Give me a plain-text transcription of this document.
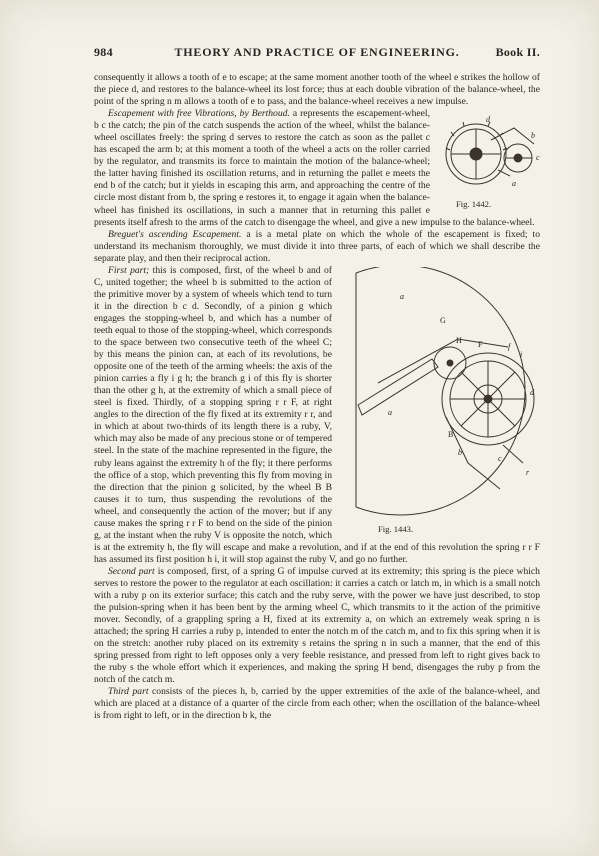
984	THEORY AND PRACTICE OF ENGINEERING.	Book II.

consequently it allows a tooth of e to escape; at the same moment another tooth of the wheel e strikes the hollow of the piece d, and restores to the balance-wheel its lost force; thus at each double vibration of the balance-wheel, the point of the spring n m allows a tooth of e to pass, and the balance-wheel receives a new impulse.

d
b
c
a
Fig. 1442.

Escapement with free Vibrations, by Berthoud. a represents the escapement-wheel, b c the catch; the pin of the catch suspends the action of the wheel, whilst the balance-wheel oscillates freely: the spring d serves to restore the catch as soon as the pallet c has escaped the arm b; at this moment a tooth of the wheel a acts on the roller carried by the regulator, and transmits its force to maintain the motion of the balance-wheel; the latter having finished its oscillation returns, and in returning the pallet e meets the end b of the catch; but it yields in escaping this arm, and approaching the centre of the circle most distant from b, the spring e restores it, to engage it again when the balance-wheel has finished its oscillations, in such a manner that in returning this pallet e presents itself afresh to the arms of the catch to disengage the wheel, and give a new impulse to the balance-wheel.

Breguet's ascending Escapement. a is a metal plate on which the whole of the escapement is fixed; to understand its mechanism thoroughly, we must divide it into three parts, of each of which we shall describe the separate play, and then their reciprocal action.

a
G
H F	f
i
d
B
b
c
a
r
Fig. 1443.

First part; this is composed, first, of the wheel b and of C, united together; the wheel b is submitted to the action of the primitive mover by a system of wheels which tend to turn it in the direction b c d. Secondly, of a pinion g which engages the stopping-wheel b, and which has a number of teeth equal to those of the stopping-wheel, which corresponds to the space between two consecutive teeth of the wheel C; by this means the pinion can, at each of its revolutions, be opposite one of the teeth of the arming wheels: the axis of the pinion carries a fly i g h; the branch g i of this fly is shorter than the other g h, at the extremity of which a small piece of steel is fixed. Thirdly, of a stopping spring r r F, at right angles to the direction of the fly fixed at its extremity r r, and in which at about two-thirds of its length there is a ruby, V, which may also be made of any precious stone or of tempered steel. In the state of the machine represented in the figure, the ruby leans against the extremity h of the fly; it there performs the office of a stop, which preventing this fly from moving in the direction that the pinion g solicited, by the wheel B B causes it to turn, thus suspending the revolutions of the wheel, and consequently the action of the mover; but if any cause makes the spring r r F to bend on the side of the pinion g, at the instant when the ruby V is opposite the notch, which is at the extremity h, the fly will escape and make a revolution, and if at the end of this revolution the spring r r F has assumed its first position h i, it will stop against the ruby V, and go no further.

Second part is composed, first, of a spring G of impulse curved at its extremity; this spring is the piece which serves to restore the power to the regulator at each oscillation: it carries a catch or latch m, in which is a small notch with a ruby p on its exterior surface; this catch and the ruby serve, with the power we have just described, to stop the pulsion-spring when it has been bent by the arming wheel C, which transmits to it the action of the primitive mover. Secondly, of a grappling spring a H, fixed at its extremity a, on which an extremely weak spring n is attached; the spring H carries a ruby p, intended to enter the notch m of the catch m, and to fix this spring when it is on the stretch: another ruby placed on its extremity s retains the spring n in such a manner, that the end of this spring pressed from right to left opposes only a very feeble resistance, and pressed from left to right gives back to the ruby s the whole effort which it experiences, and making the spring H bend, disengages the ruby p from the notch of the catch m.

Third part consists of the pieces h, b, carried by the upper extremities of the axle of the balance-wheel, and which are placed at a distance of a quarter of the circle from each other; when the oscillation of the balance-wheel is from right to left, or in the direction b k, the
